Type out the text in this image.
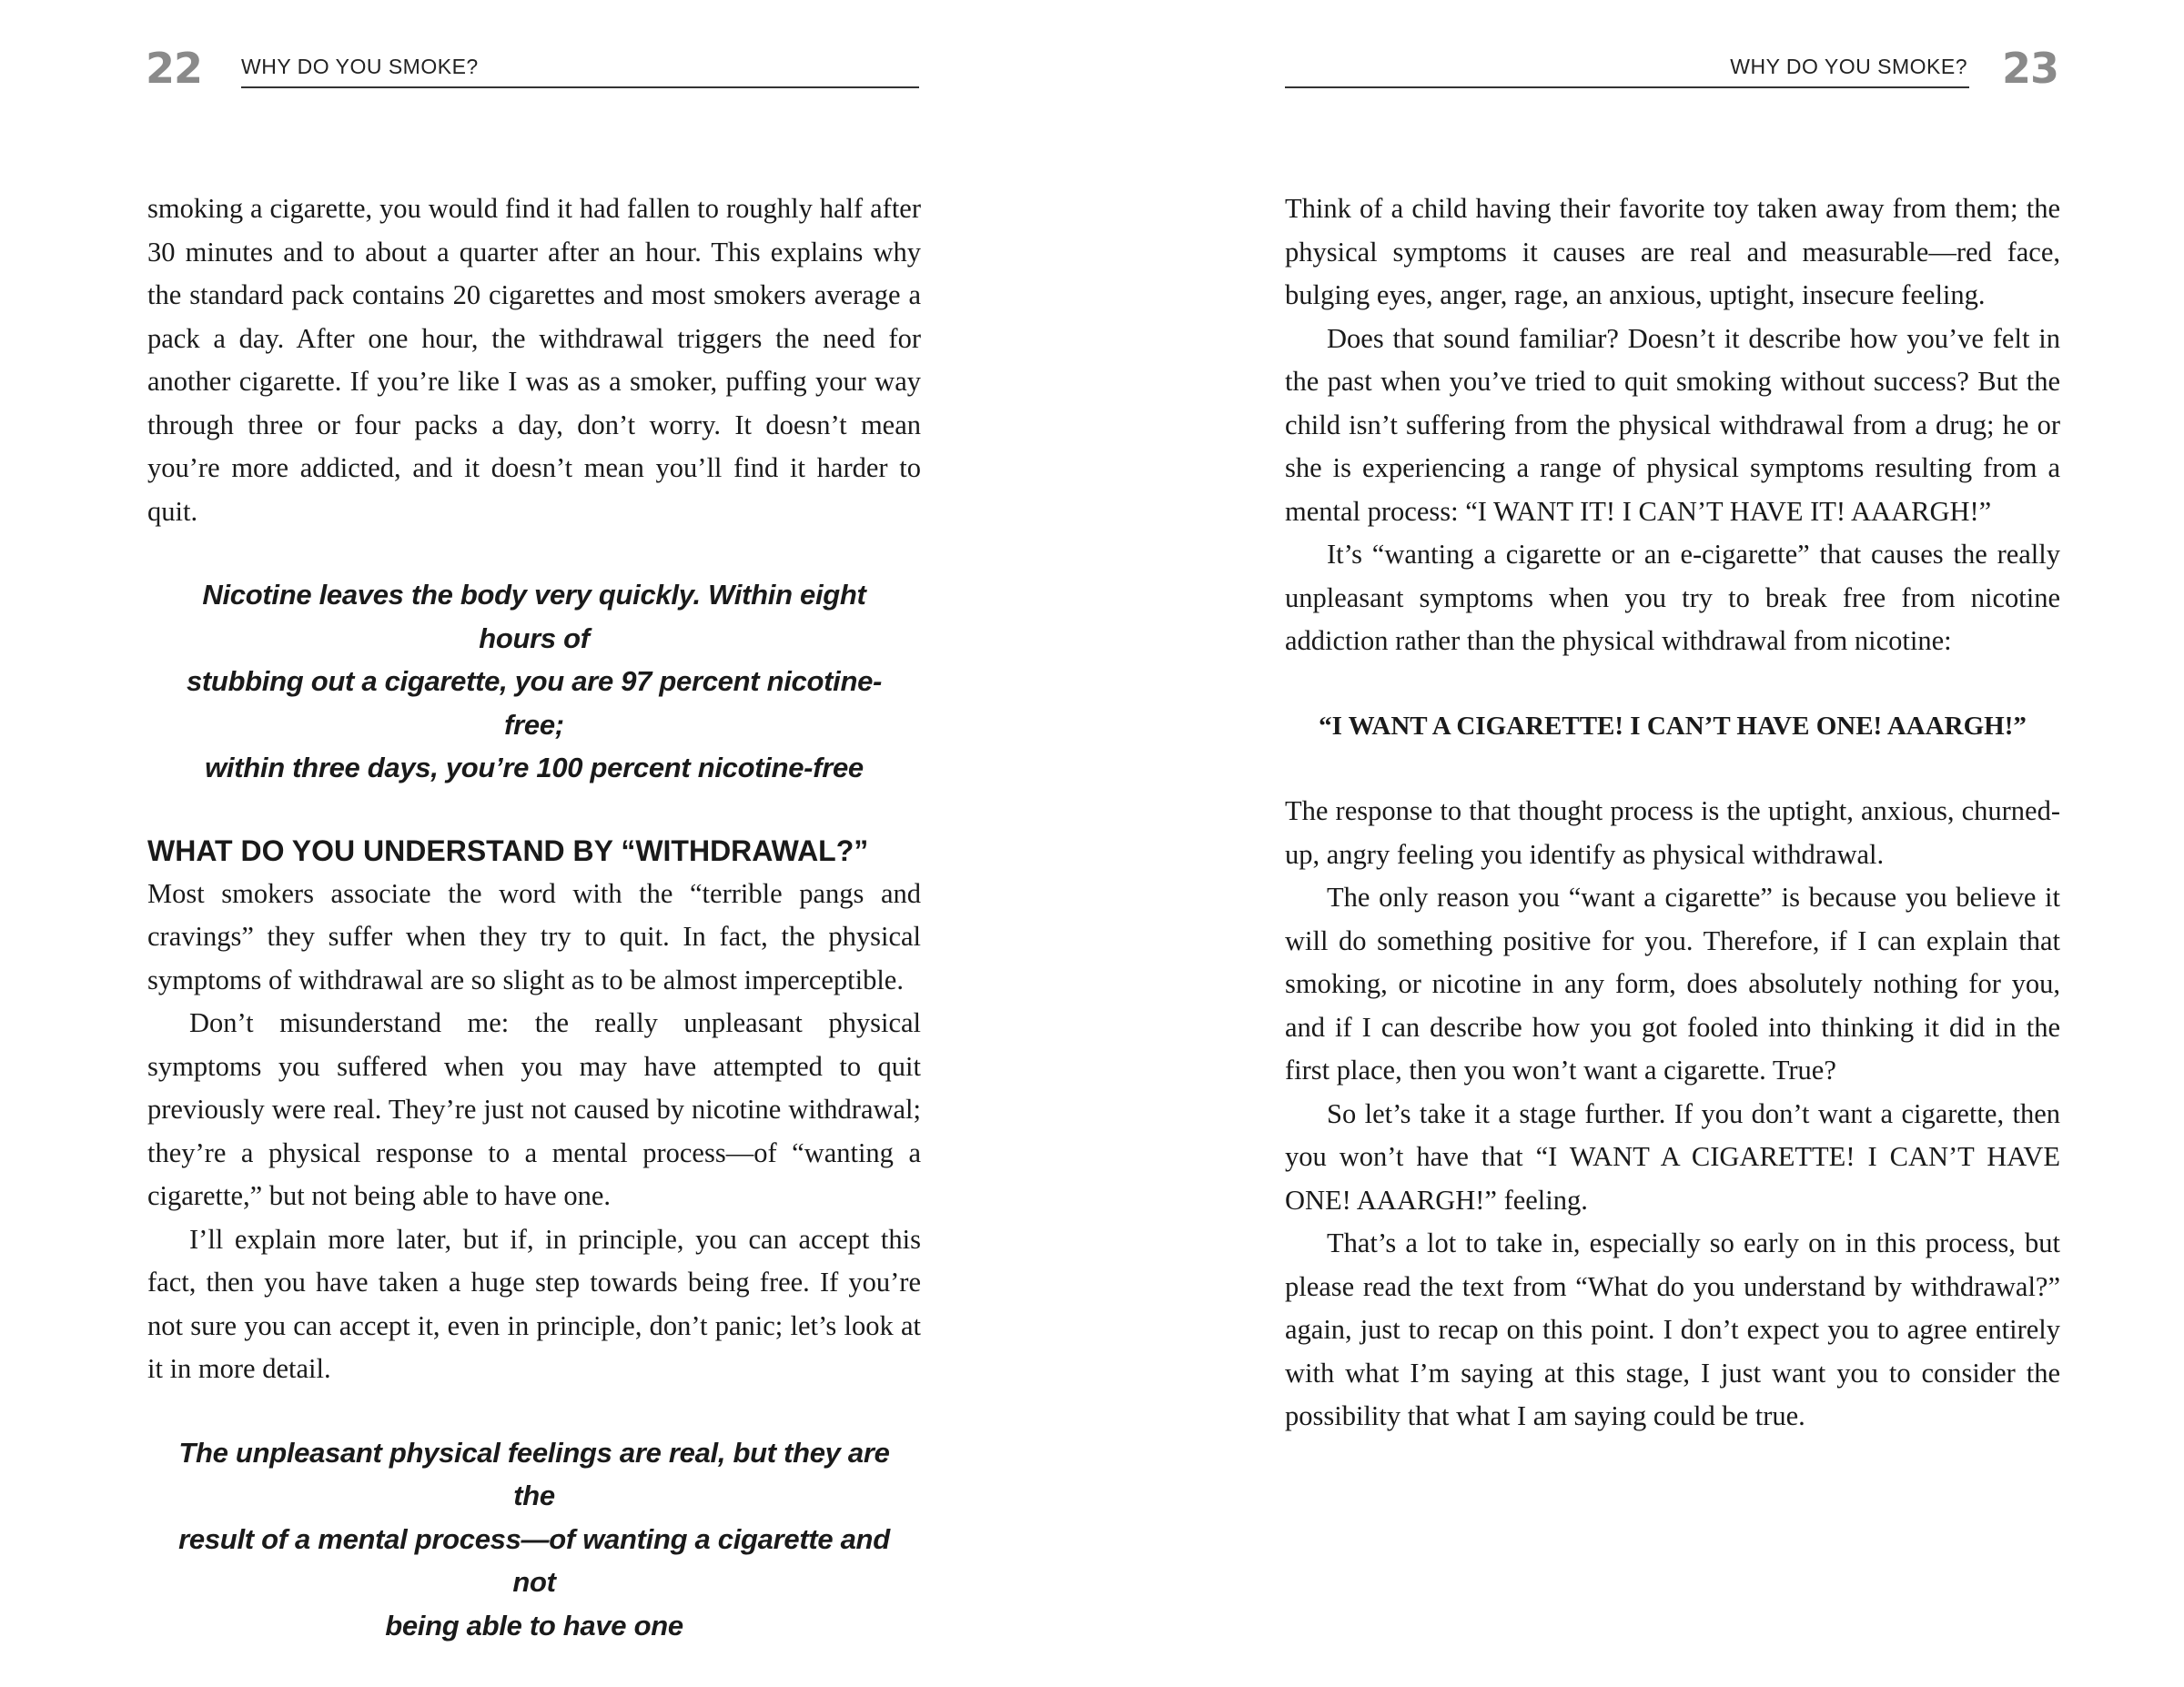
22 WHY DO YOU SMOKE?

smoking a cigarette, you would find it had fallen to roughly half after 30 minutes and to about a quarter after an hour. This explains why the standard pack contains 20 cigarettes and most smokers average a pack a day. After one hour, the withdrawal triggers the need for another cigarette. If you’re like I was as a smoker, puffing your way through three or four packs a day, don’t worry. It doesn’t mean you’re more addicted, and it doesn’t mean you’ll find it harder to quit.

Nicotine leaves the body very quickly. Within eight hours of
stubbing out a cigarette, you are 97 percent nicotine-free;
within three days, you’re 100 percent nicotine-free
WHAT DO YOU UNDERSTAND BY “WITHDRAWAL?”

Most smokers associate the word with the “terrible pangs and cravings” they suffer when they try to quit. In fact, the physical symptoms of withdrawal are so slight as to be almost imperceptible.

Don’t misunderstand me: the really unpleasant physical symptoms you suffered when you may have attempted to quit previously were real. They’re just not caused by nicotine withdrawal; they’re a physical response to a mental process—of “wanting a cigarette,” but not being able to have one.

I’ll explain more later, but if, in principle, you can accept this fact, then you have taken a huge step towards being free. If you’re not sure you can accept it, even in principle, don’t panic; let’s look at it in more detail.

The unpleasant physical feelings are real, but they are the
result of a mental process—of wanting a cigarette and not
being able to have one
23
WHY DO YOU SMOKE?

Think of a child having their favorite toy taken away from them; the physical symptoms it causes are real and measurable—red face, bulging eyes, anger, rage, an anxious, uptight, insecure feeling.

Does that sound familiar? Doesn’t it describe how you’ve felt in the past when you’ve tried to quit smoking without success? But the child isn’t suffering from the physical withdrawal from a drug; he or she is experiencing a range of physical symptoms resulting from a mental process: “I WANT IT! I CAN’T HAVE IT! AAARGH!”

It’s “wanting a cigarette or an e-cigarette” that causes the really unpleasant symptoms when you try to break free from nicotine addiction rather than the physical withdrawal from nicotine:

“I WANT A CIGARETTE! I CAN’T HAVE ONE! AAARGH!”

The response to that thought process is the uptight, anxious, churned-up, angry feeling you identify as physical withdrawal.

The only reason you “want a cigarette” is because you believe it will do something positive for you. Therefore, if I can explain that smoking, or nicotine in any form, does absolutely nothing for you, and if I can describe how you got fooled into thinking it did in the first place, then you won’t want a cigarette. True?

So let’s take it a stage further. If you don’t want a cigarette, then you won’t have that “I WANT A CIGARETTE! I CAN’T HAVE ONE! AAARGH!” feeling.

That’s a lot to take in, especially so early on in this process, but please read the text from “What do you understand by withdrawal?” again, just to recap on this point. I don’t expect you to agree entirely with what I’m saying at this stage, I just want you to consider the possibility that what I am saying could be true.
